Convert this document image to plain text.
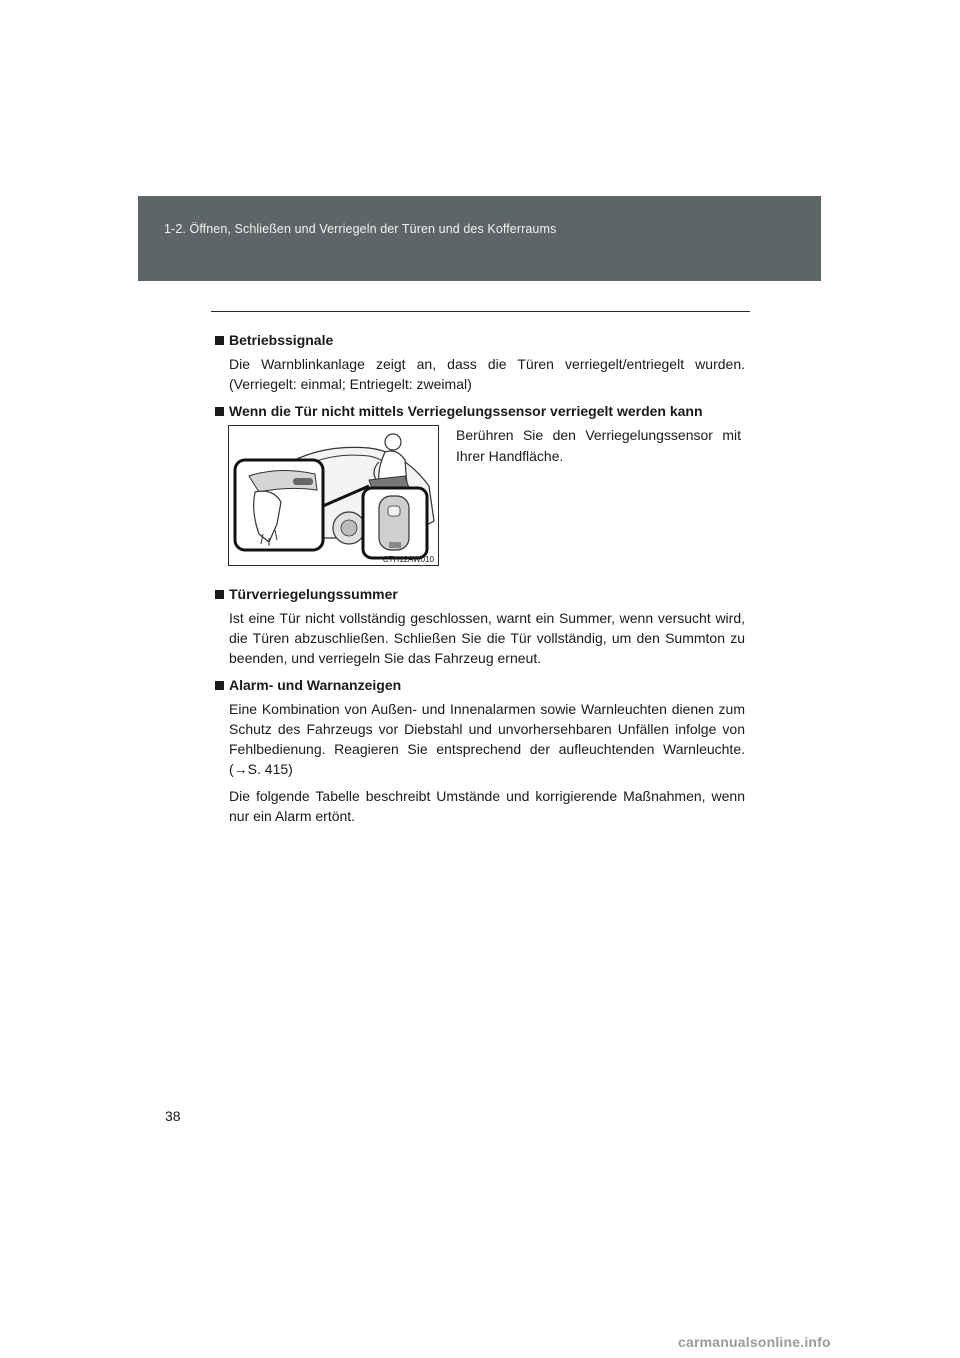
1-2. Öffnen, Schließen und Verriegeln der Türen und des Kofferraums
Betriebssignale
Die Warnblinkanlage zeigt an, dass die Türen verriegelt/entriegelt wurden. (Verriegelt: einmal; Entriegelt: zweimal)
Wenn die Tür nicht mittels Verriegelungssensor verriegelt werden kann
CTH12AW010
Berühren Sie den Verriegelungssensor mit Ihrer Handfläche.
Türverriegelungssummer
Ist eine Tür nicht vollständig geschlossen, warnt ein Summer, wenn versucht wird, die Türen abzuschließen. Schließen Sie die Tür vollständig, um den Summton zu beenden, und verriegeln Sie das Fahrzeug erneut.
Alarm- und Warnanzeigen
Eine Kombination von Außen- und Innenalarmen sowie Warnleuchten dienen zum Schutz des Fahrzeugs vor Diebstahl und unvorhersehbaren Unfällen infolge von Fehlbedienung. Reagieren Sie entsprechend der aufleuchtenden Warnleuchte. (→S. 415)
Die folgende Tabelle beschreibt Umstände und korrigierende Maßnahmen, wenn nur ein Alarm ertönt.
38
carmanualsonline.info
